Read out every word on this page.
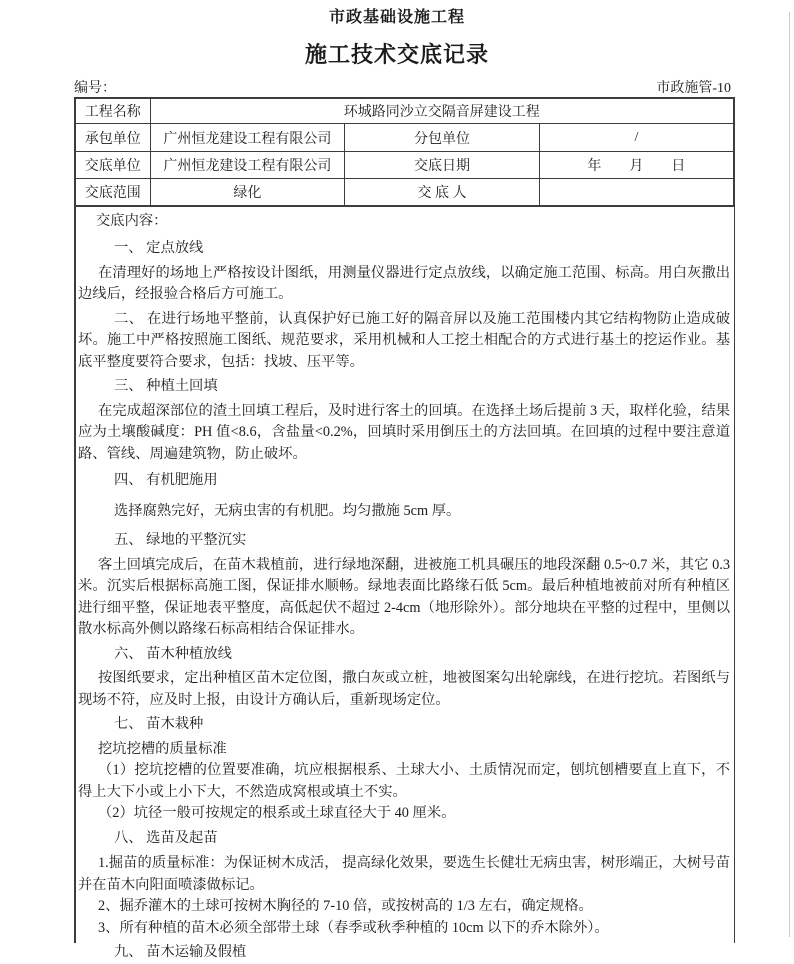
市政基础设施工程
施工技术交底记录
编号：	市政施管-10
工程名称	环城路同沙立交隔音屏建设工程		
承包单位	广州恒龙建设工程有限公司	分包单位	/
交底单位	广州恒龙建设工程有限公司	交底日期	年　　月　　日
交底范围	绿化	交 底 人	
交底内容：
一、 定点放线
在清理好的场地上严格按设计图纸，用测量仪器进行定点放线，以确定施工范围、标高。用白灰撒出边线后，经报验合格后方可施工。
二、 在进行场地平整前，认真保护好已施工好的隔音屏以及施工范围楼内其它结构物防止造成破坏。施工中严格按照施工图纸、规范要求，采用机械和人工挖土相配合的方式进行基土的挖运作业。基底平整度要符合要求，包括：找坡、压平等。
三、 种植土回填
在完成超深部位的渣土回填工程后，及时进行客土的回填。在选择土场后提前 3 天，取样化验，结果应为土壤酸碱度：PH 值<8.6，含盐量<0.2%，回填时采用倒压土的方法回填。在回填的过程中要注意道路、管线、周遍建筑物，防止破坏。
四、 有机肥施用
选择腐熟完好，无病虫害的有机肥。均匀撒施 5cm 厚。
五、 绿地的平整沉实
客土回填完成后，在苗木栽植前，进行绿地深翻，进被施工机具碾压的地段深翻 0.5~0.7 米，其它 0.3 米。沉实后根据标高施工图，保证排水顺畅。绿地表面比路缘石低 5cm。最后种植地被前对所有种植区进行细平整，保证地表平整度，高低起伏不超过 2-4cm（地形除外）。部分地块在平整的过程中，里侧以散水标高外侧以路缘石标高相结合保证排水。
六、 苗木种植放线
按图纸要求，定出种植区苗木定位图，撒白灰或立桩，地被图案勾出轮廓线，在进行挖坑。若图纸与现场不符，应及时上报，由设计方确认后，重新现场定位。
七、 苗木栽种
挖坑挖槽的质量标准
（1）挖坑挖槽的位置要准确，坑应根据根系、土球大小、土质情况而定，刨坑刨槽要直上直下，不得上大下小或上小下大，不然造成窝根或填土不实。
（2）坑径一般可按规定的根系或土球直径大于 40 厘米。
八、 选苗及起苗
1.掘苗的质量标准：为保证树木成活， 提高绿化效果，要选生长健壮无病虫害，树形端正，大树号苗并在苗木向阳面喷漆做标记。
2、掘乔灌木的土球可按树木胸径的 7-10 倍，或按树高的 1/3 左右，确定规格。
3、所有种植的苗木必须全部带土球（春季或秋季种植的 10cm 以下的乔木除外）。
九、 苗木运输及假植
